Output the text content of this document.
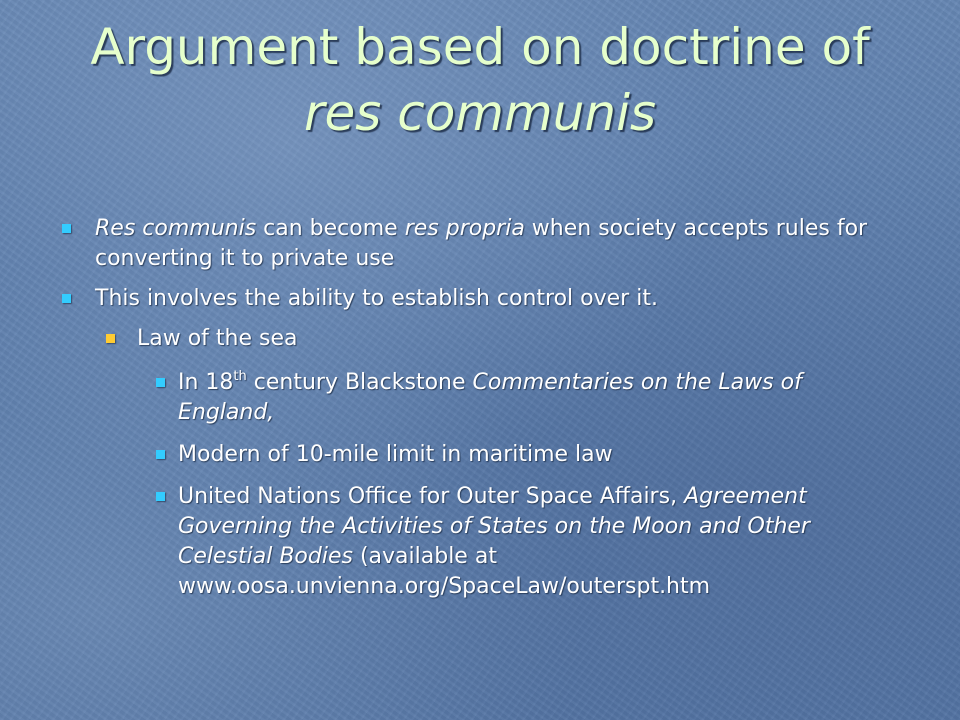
Argument based on doctrine of
res communis
Res communis can become res propria when society accepts rules for converting it to private use
This involves the ability to establish control over it.
Law of the sea
In 18th century Blackstone Commentaries on the Laws of England,
Modern of 10-mile limit in maritime law
United Nations Office for Outer Space Affairs, Agreement Governing the Activities of States on the Moon and Other Celestial Bodies (available at www.oosa.unvienna.org/SpaceLaw/outerspt.htm
